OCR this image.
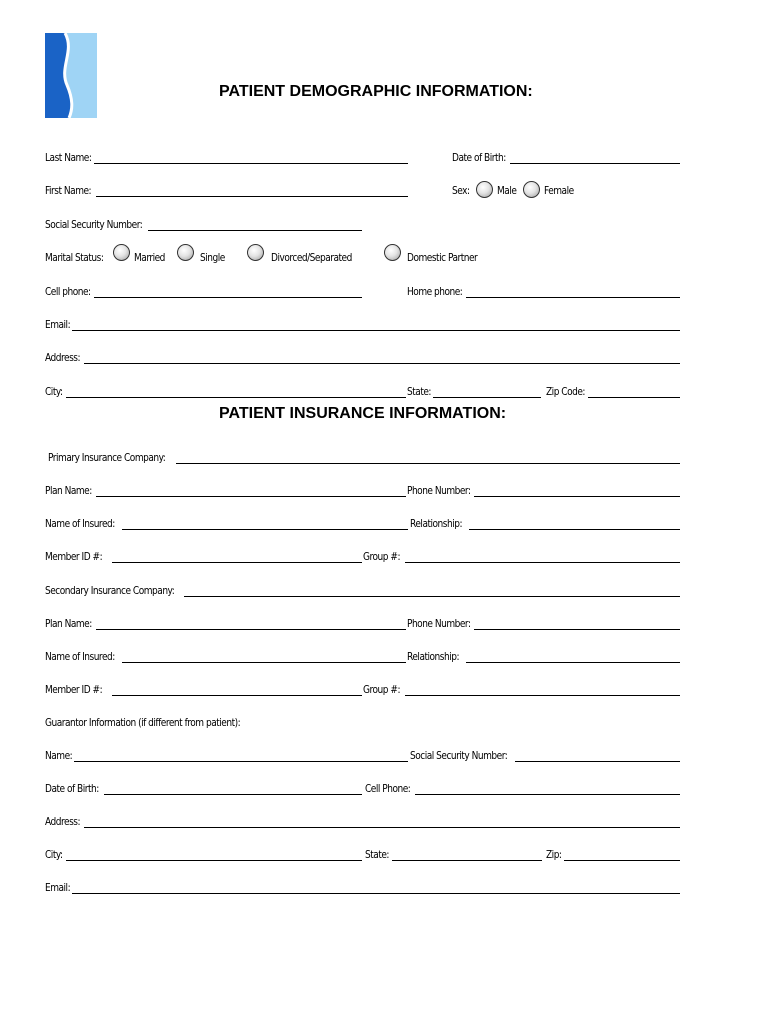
PATIENT DEMOGRAPHIC INFORMATION:
Last Name:	Date of Birth:
First Name:	Sex: Male	Female
Social Security Number:
Marital Status:	Married	Single	Divorced/Separated	Domestic Partner
Cell phone:	Home phone:
Email:
Address:
City:	State:	Zip Code:
PATIENT INSURANCE INFORMATION:
Primary Insurance Company:
Plan Name:	Phone Number:
Name of Insured:	Relationship:
Member ID #:	Group #:
Secondary Insurance Company:
Plan Name:	Phone Number:
Name of Insured:	Relationship:
Member ID #:	Group #:
Guarantor Information (if different from patient):
Name:	Social Security Number:
Date of Birth:	Cell Phone:
Address:
City:	State:	Zip:
Email:
